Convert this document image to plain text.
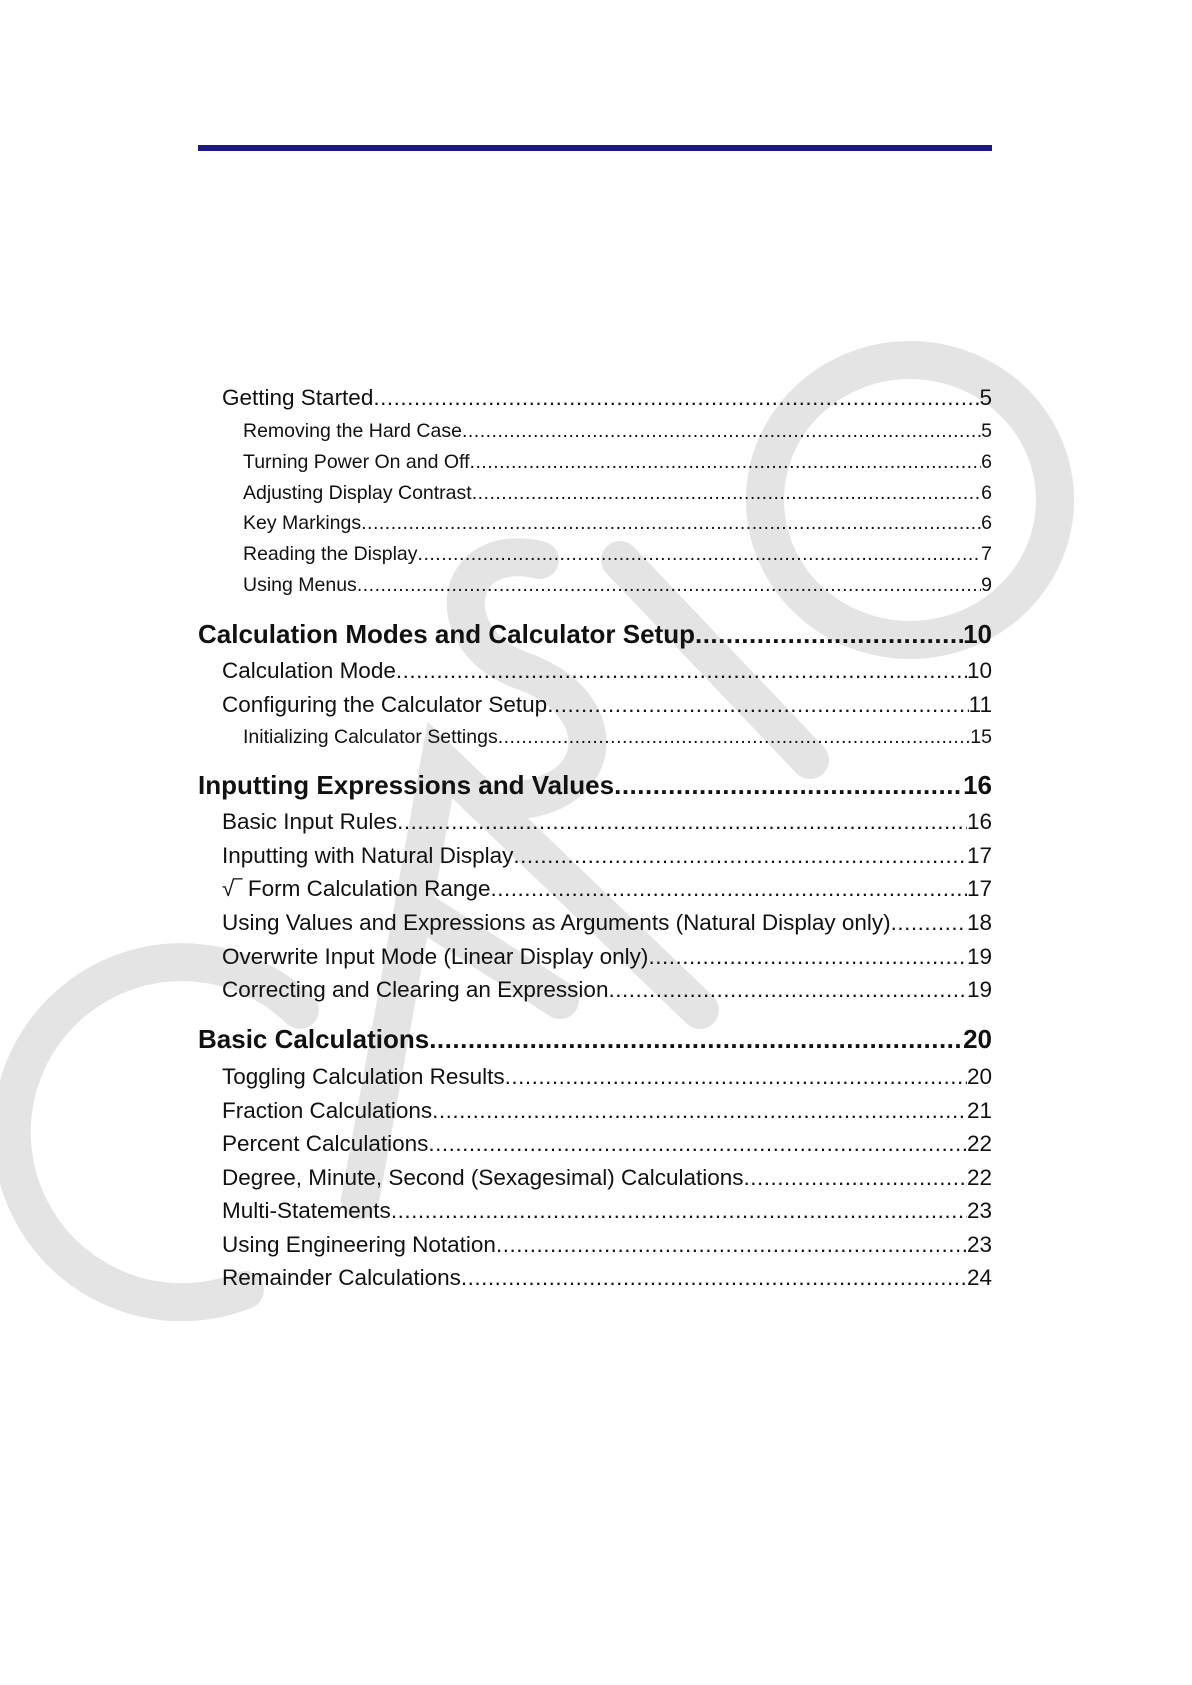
Getting Started .....	5
Removing the Hard Case .....	5
Turning Power On and Off .....	6
Adjusting Display Contrast .....	6
Key Markings .....	6
Reading the Display .....	7
Using Menus .....	9
Calculation Modes and Calculator Setup .....	10
Calculation Mode .....	10
Configuring the Calculator Setup .....	11
Initializing Calculator Settings .....	15
Inputting Expressions and Values .....	16
Basic Input Rules .....	16
Inputting with Natural Display .....	17
√‾ Form Calculation Range .....	17
Using Values and Expressions as Arguments (Natural Display only) .....	18
Overwrite Input Mode (Linear Display only) .....	19
Correcting and Clearing an Expression .....	19
Basic Calculations .....	20
Toggling Calculation Results .....	20
Fraction Calculations .....	21
Percent Calculations .....	22
Degree, Minute, Second (Sexagesimal) Calculations .....	22
Multi-Statements .....	23
Using Engineering Notation .....	23
Remainder Calculations .....	24
